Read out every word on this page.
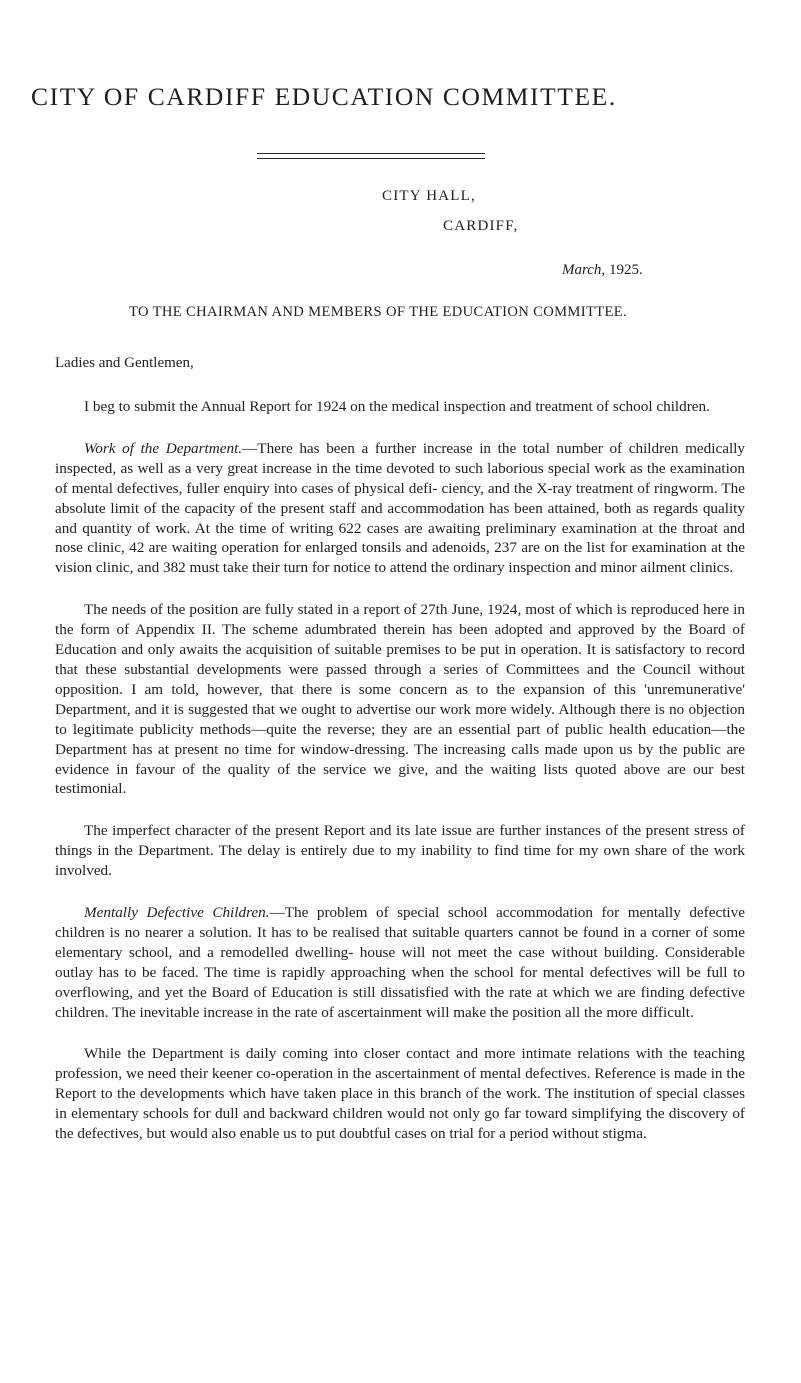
CITY OF CARDIFF EDUCATION COMMITTEE.
CITY HALL,
CARDIFF,
March, 1925.
TO THE CHAIRMAN AND MEMBERS OF THE EDUCATION COMMITTEE.
Ladies and Gentlemen,

I beg to submit the Annual Report for 1924 on the medical inspection and treatment of school children.

Work of the Department.—There has been a further increase in the total number of children medically inspected, as well as a very great increase in the time devoted to such laborious special work as the examination of mental defectives, fuller enquiry into cases of physical defi- ciency, and the X-ray treatment of ringworm. The absolute limit of the capacity of the present staff and accommodation has been attained, both as regards quality and quantity of work. At the time of writing 622 cases are awaiting preliminary examination at the throat and nose clinic, 42 are waiting operation for enlarged tonsils and adenoids, 237 are on the list for examination at the vision clinic, and 382 must take their turn for notice to attend the ordinary inspection and minor ailment clinics.

The needs of the position are fully stated in a report of 27th June, 1924, most of which is reproduced here in the form of Appendix II. The scheme adumbrated therein has been adopted and approved by the Board of Education and only awaits the acquisition of suitable premises to be put in operation. It is satisfactory to record that these substantial developments were passed through a series of Committees and the Council without opposition. I am told, however, that there is some concern as to the expansion of this 'unremunerative' Department, and it is suggested that we ought to advertise our work more widely. Although there is no objection to legitimate publicity methods—quite the reverse; they are an essential part of public health education—the Department has at present no time for window-dressing. The increasing calls made upon us by the public are evidence in favour of the quality of the service we give, and the waiting lists quoted above are our best testimonial.

The imperfect character of the present Report and its late issue are further instances of the present stress of things in the Department. The delay is entirely due to my inability to find time for my own share of the work involved.

Mentally Defective Children.—The problem of special school accommodation for mentally defective children is no nearer a solution. It has to be realised that suitable quarters cannot be found in a corner of some elementary school, and a remodelled dwelling- house will not meet the case without building. Considerable outlay has to be faced. The time is rapidly approaching when the school for mental defectives will be full to overflowing, and yet the Board of Education is still dissatisfied with the rate at which we are finding defective children. The inevitable increase in the rate of ascertainment will make the position all the more difficult.

While the Department is daily coming into closer contact and more intimate relations with the teaching profession, we need their keener co-operation in the ascertainment of mental defectives. Reference is made in the Report to the developments which have taken place in this branch of the work. The institution of special classes in elementary schools for dull and backward children would not only go far toward simplifying the discovery of the defectives, but would also enable us to put doubtful cases on trial for a period without stigma.
